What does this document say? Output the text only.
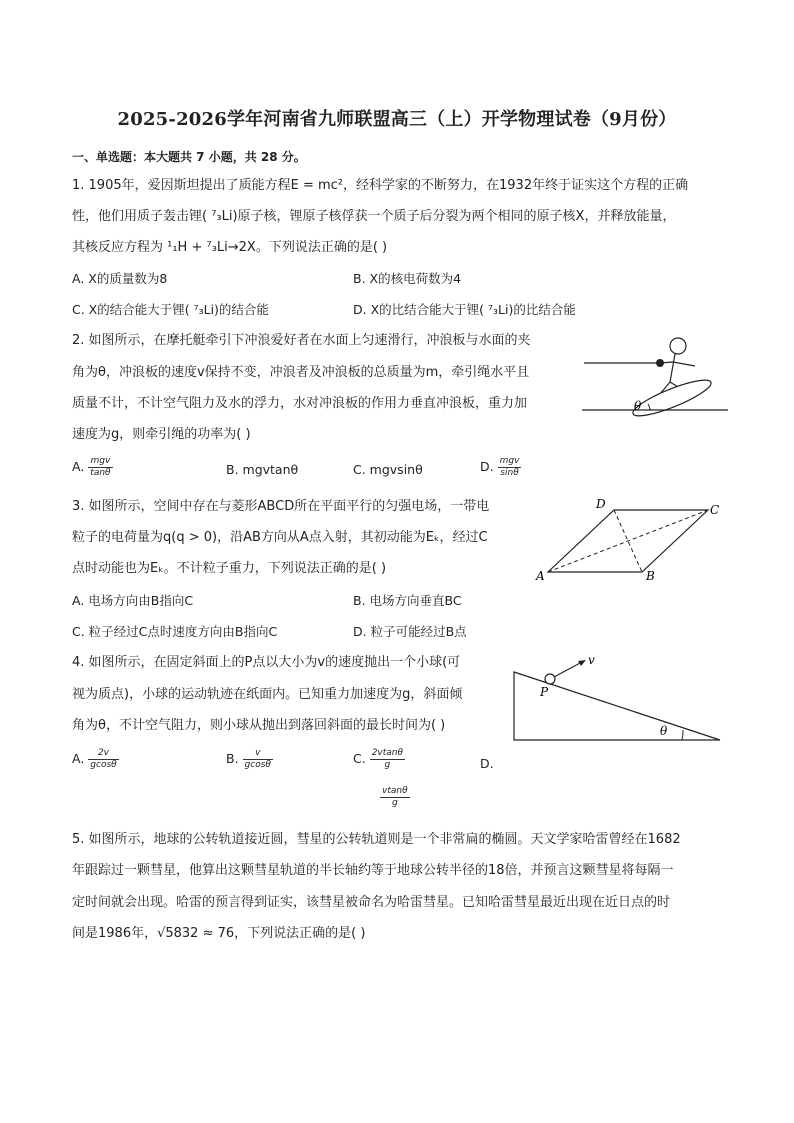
2025-2026学年河南省九师联盟高三（上）开学物理试卷（9月份）
一、单选题：本大题共 7 小题，共 28 分。
1. 1905年，爱因斯坦提出了质能方程E = mc²，经科学家的不断努力，在1932年终于证实这个方程的正确
性，他们用质子轰击锂( ⁷₃Li)原子核，锂原子核俘获一个质子后分裂为两个相同的原子核X，并释放能量，
其核反应方程为 ¹₁H + ⁷₃Li→2X。下列说法正确的是( )
A. X的质量数为8	B. X的核电荷数为4
C. X的结合能大于锂( ⁷₃Li)的结合能	D. X的比结合能大于锂( ⁷₃Li)的比结合能
2. 如图所示，在摩托艇牵引下冲浪爱好者在水面上匀速滑行，冲浪板与水面的夹
角为θ，冲浪板的速度v保持不变，冲浪者及冲浪板的总质量为m，牵引绳水平且
质量不计，不计空气阻力及水的浮力，水对冲浪板的作用力垂直冲浪板，重力加
速度为g，则牵引绳的功率为( )
A. $\frac{\text{mgv}}{\tan\theta}$	B. mgvtanθ	C. mgvsinθ	D. $\frac{\text{mgv}}{\sin\theta}$
θ
3. 如图所示，空间中存在与菱形ABCD所在平面平行的匀强电场，一带电
粒子的电荷量为q(q > 0)，沿AB方向从A点入射，其初动能为Eₖ，经过C
点时动能也为Eₖ。不计粒子重力，下列说法正确的是( )
A. 电场方向由B指向C	B. 电场方向垂直BC
C. 粒子经过C点时速度方向由B指向C	D. 粒子可能经过B点
A	B
C
D
4. 如图所示，在固定斜面上的P点以大小为v的速度抛出一个小球(可
视为质点)，小球的运动轨迹在纸面内。已知重力加速度为g，斜面倾
角为θ，不计空气阻力，则小球从抛出到落回斜面的最长时间为( )
A. $\frac{2v}{gcos\theta}$	B. $\frac{v}{gcos\theta}$	C. $\frac{2vtan\theta}{g}$	D.
$\frac{vtan\theta}{g}$
P
v
θ
5. 如图所示，地球的公转轨道接近圆，彗星的公转轨道则是一个非常扁的椭圆。天文学家哈雷曾经在1682
年跟踪过一颗彗星，他算出这颗彗星轨道的半长轴约等于地球公转半径的18倍，并预言这颗彗星将每隔一
定时间就会出现。哈雷的预言得到证实，该彗星被命名为哈雷彗星。已知哈雷彗星最近出现在近日点的时
间是1986年，√5832 ≈ 76，下列说法正确的是( )
